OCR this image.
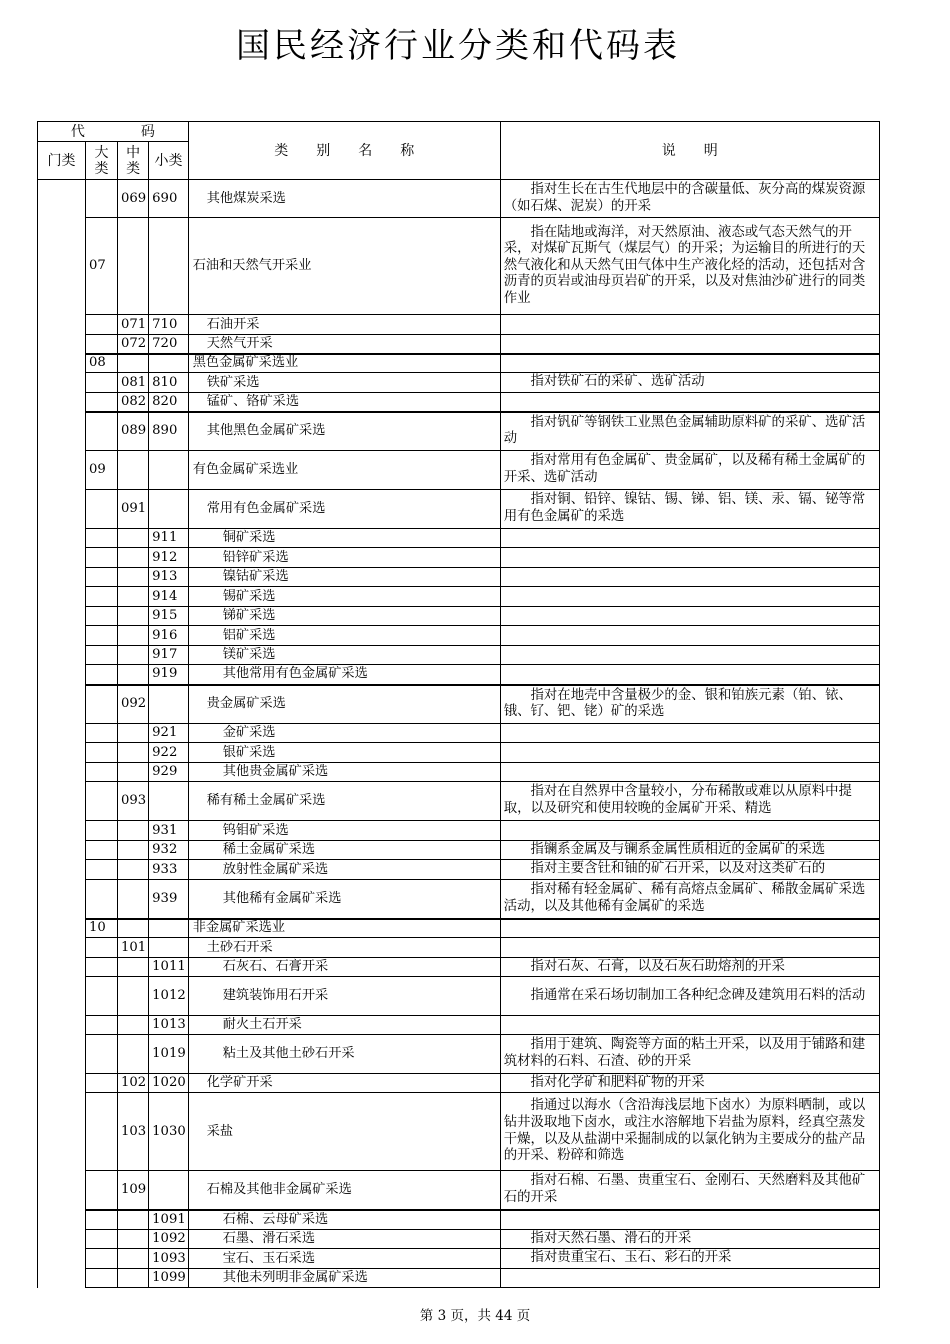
国民经济行业分类和代码表
代　　　　码				类　　别　　名　　称	说　　明
门类	大类	中类	小类		
		069	690	其他煤炭采选	指对生长在古生代地层中的含碳量低、灰分高的煤炭资源（如石煤、泥炭）的开采
	07			石油和天然气开采业	指在陆地或海洋，对天然原油、液态或气态天然气的开采，对煤矿瓦斯气（煤层气）的开采；为运输目的所进行的天然气液化和从天然气田气体中生产液化烃的活动，还包括对含沥青的页岩或油母页岩矿的开采，以及对焦油沙矿进行的同类作业
		071	710	石油开采	
		072	720	天然气开采	
	08			黑色金属矿采选业	
		081	810	铁矿采选	指对铁矿石的采矿、选矿活动
		082	820	锰矿、铬矿采选	
		089	890	其他黑色金属矿采选	指对钒矿等钢铁工业黑色金属辅助原料矿的采矿、选矿活动
	09			有色金属矿采选业	指对常用有色金属矿、贵金属矿，以及稀有稀土金属矿的开采、选矿活动
		091		常用有色金属矿采选	指对铜、铅锌、镍钴、锡、锑、铝、镁、汞、镉、铋等常用有色金属矿的采选
			911	铜矿采选	
			912	铅锌矿采选	
			913	镍钴矿采选	
			914	锡矿采选	
			915	锑矿采选	
			916	铝矿采选	
			917	镁矿采选	
			919	其他常用有色金属矿采选	
		092		贵金属矿采选	指对在地壳中含量极少的金、银和铂族元素（铂、铱、锇、钌、钯、铑）矿的采选
			921	金矿采选	
			922	银矿采选	
			929	其他贵金属矿采选	
		093		稀有稀土金属矿采选	指对在自然界中含量较小，分布稀散或难以从原料中提取，以及研究和使用较晚的金属矿开采、精选
			931	钨钼矿采选	
			932	稀土金属矿采选	指镧系金属及与镧系金属性质相近的金属矿的采选
			933	放射性金属矿采选	指对主要含钍和铀的矿石开采，以及对这类矿石的
			939	其他稀有金属矿采选	指对稀有轻金属矿、稀有高熔点金属矿、稀散金属矿采选活动，以及其他稀有金属矿的采选
	10			非金属矿采选业	
		101		土砂石开采	
			1011	石灰石、石膏开采	指对石灰、石膏，以及石灰石助熔剂的开采
			1012	建筑装饰用石开采	指通常在采石场切制加工各种纪念碑及建筑用石料的活动
			1013	耐火土石开采	
			1019	粘土及其他土砂石开采	指用于建筑、陶瓷等方面的粘土开采，以及用于铺路和建筑材料的石料、石渣、砂的开采
		102	1020	化学矿开采	指对化学矿和肥料矿物的开采
		103	1030	采盐	指通过以海水（含沿海浅层地下卤水）为原料晒制，或以钻井汲取地下卤水，或注水溶解地下岩盐为原料，经真空蒸发干燥，以及从盐湖中采掘制成的以氯化钠为主要成分的盐产品的开采、粉碎和筛选
		109		石棉及其他非金属矿采选	指对石棉、石墨、贵重宝石、金刚石、天然磨料及其他矿石的开采
			1091	石棉、云母矿采选	
			1092	石墨、滑石采选	指对天然石墨、滑石的开采
			1093	宝石、玉石采选	指对贵重宝石、玉石、彩石的开采
			1099	其他未列明非金属矿采选	
第 3 页，共 44 页
